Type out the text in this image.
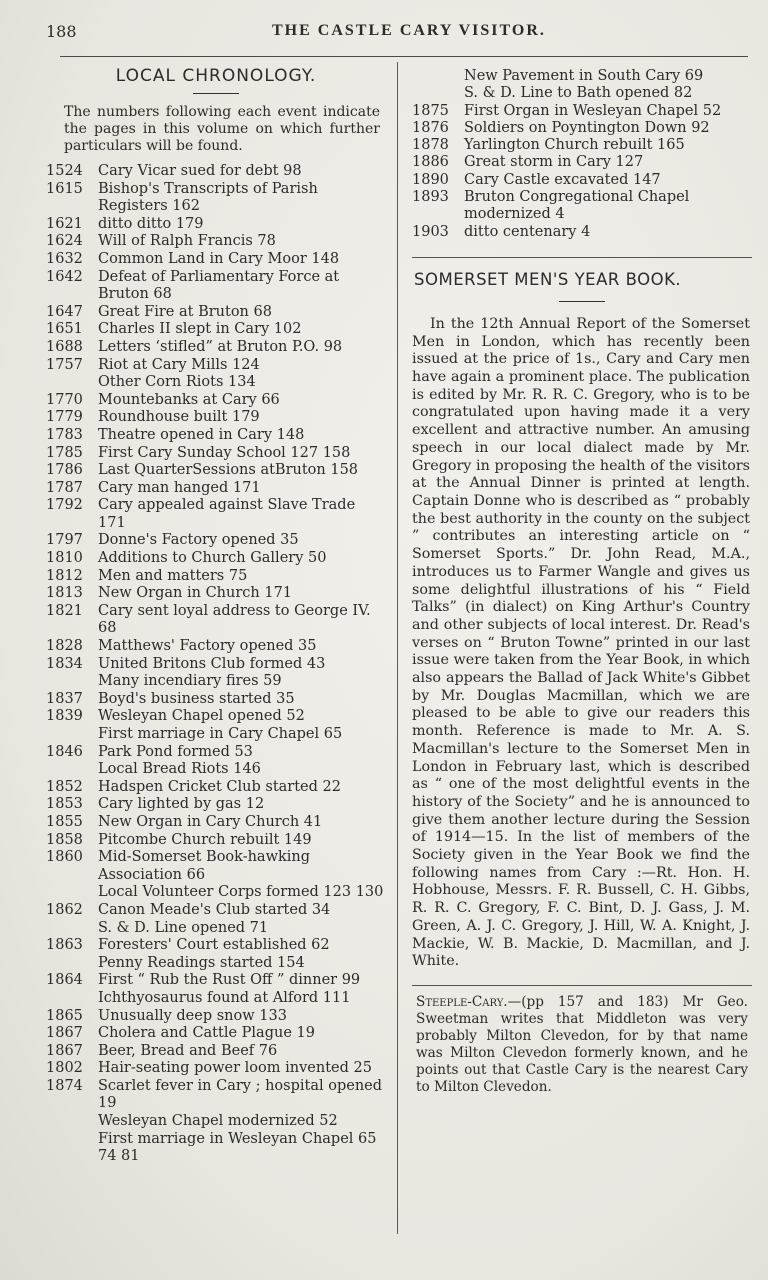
188	THE CASTLE CARY VISITOR.
LOCAL CHRONOLOGY.
The numbers following each event indicate the pages in this volume on which further particulars will be found.
1524	Cary Vicar sued for debt 98
1615	Bishop's Transcripts of Parish Registers 162
1621	ditto ditto 179
1624	Will of Ralph Francis 78
1632	Common Land in Cary Moor 148
1642	Defeat of Parliamentary Force at Bruton 68
1647	Great Fire at Bruton 68
1651	Charles II slept in Cary 102
1688	Letters ‘stifled” at Bruton P.O. 98
1757	Riot at Cary Mills 124
Other Corn Riots 134
1770	Mountebanks at Cary 66
1779	Roundhouse built 179
1783	Theatre opened in Cary 148
1785	First Cary Sunday School 127 158
1786	Last QuarterSessions atBruton 158
1787	Cary man hanged 171
1792	Cary appealed against Slave Trade 171
1797	Donne's Factory opened 35
1810	Additions to Church Gallery 50
1812	Men and matters 75
1813	New Organ in Church 171
1821	Cary sent loyal address to George IV. 68
1828	Matthews' Factory opened 35
1834	United Britons Club formed 43
Many incendiary fires 59
1837	Boyd's business started 35
1839	Wesleyan Chapel opened 52
First marriage in Cary Chapel 65
1846	Park Pond formed 53
Local Bread Riots 146
1852	Hadspen Cricket Club started 22
1853	Cary lighted by gas 12
1855	New Organ in Cary Church 41
1858	Pitcombe Church rebuilt 149
1860	Mid-Somerset Book-hawking Association 66
Local Volunteer Corps formed 123 130
1862	Canon Meade's Club started 34
S. & D. Line opened 71
1863	Foresters' Court established 62
Penny Readings started 154
1864	First “ Rub the Rust Off ” dinner 99
Ichthyosaurus found at Alford 111
1865	Unusually deep snow 133
1867	Cholera and Cattle Plague 19
1867	Beer, Bread and Beef 76
1802	Hair-seating power loom invented 25
1874	Scarlet fever in Cary ; hospital opened 19
Wesleyan Chapel modernized 52
First marriage in Wesleyan Chapel 65 74 81
New Pavement in South Cary 69
S. & D. Line to Bath opened 82
1875	First Organ in Wesleyan Chapel 52
1876	Soldiers on Poyntington Down 92
1878	Yarlington Church rebuilt 165
1886	Great storm in Cary 127
1890	Cary Castle excavated 147
1893	Bruton Congregational Chapel modernized 4
1903	ditto centenary 4
SOMERSET MEN'S YEAR BOOK.
In the 12th Annual Report of the Somerset Men in London, which has recently been issued at the price of 1s., Cary and Cary men have again a prominent place. The publication is edited by Mr. R. R. C. Gregory, who is to be congratulated upon having made it a very excellent and attractive number. An amusing speech in our local dialect made by Mr. Gregory in proposing the health of the visitors at the Annual Dinner is printed at length. Captain Donne who is described as “ probably the best authority in the county on the subject ” contributes an interesting article on “ Somerset Sports.” Dr. John Read, M.A., introduces us to Farmer Wangle and gives us some delightful illustrations of his “ Field Talks” (in dialect) on King Arthur's Country and other subjects of local interest. Dr. Read's verses on “ Bruton Towne” printed in our last issue were taken from the Year Book, in which also appears the Ballad of Jack White's Gibbet by Mr. Douglas Macmillan, which we are pleased to be able to give our readers this month. Reference is made to Mr. A. S. Macmillan's lecture to the Somerset Men in London in February last, which is described as “ one of the most delightful events in the history of the Society” and he is announced to give them another lecture during the Session of 1914—15. In the list of members of the Society given in the Year Book we find the following names from Cary :—Rt. Hon. H. Hobhouse, Messrs. F. R. Bussell, C. H. Gibbs, R. R. C. Gregory, F. C. Bint, D. J. Gass, J. M. Green, A. J. C. Gregory, J. Hill, W. A. Knight, J. Mackie, W. B. Mackie, D. Macmillan, and J. White.
Steeple-Cary.—(pp 157 and 183) Mr Geo. Sweetman writes that Middleton was very probably Milton Clevedon, for by that name was Milton Clevedon formerly known, and he points out that Castle Cary is the nearest Cary to Milton Clevedon.
